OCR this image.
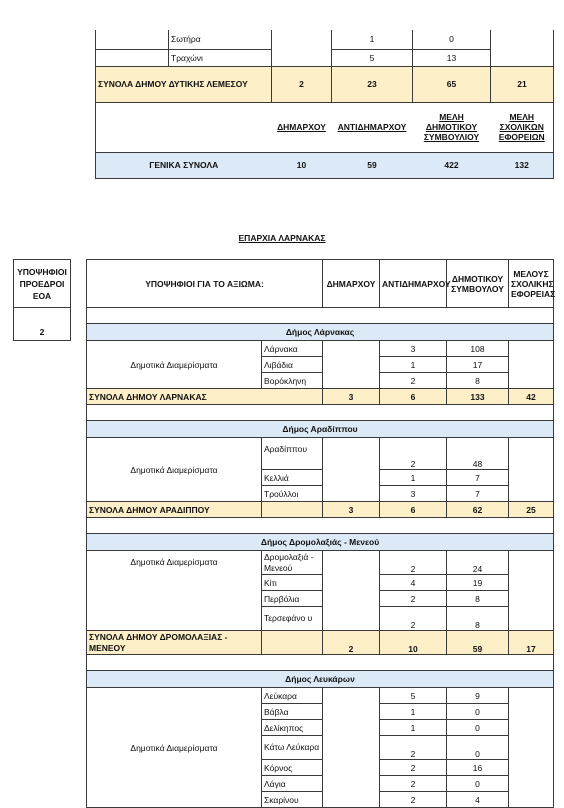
	Σωτήρα		1	0	
	Τραχώνι		5	13	
ΣΥΝΟΛΑ ΔΗΜΟΥ ΔΥΤΙΚΗΣ ΛΕΜΕΣΟΥ		2	23	65	21
		ΔΗΜΑΡΧΟΥ	ΑΝΤΙΔΗΜΑΡΧΟΥ	ΜΕΛΗ ΔΗΜΟΤΙΚΟΥ ΣΥΜΒΟΥΛΙΟΥ	ΜΕΛΗ ΣΧΟΛΙΚΩΝ ΕΦΟΡΕΙΩΝ
ΓΕΝΙΚΑ ΣΥΝΟΛΑ		10	59	422	132
ΕΠΑΡΧΙΑ ΛΑΡΝΑΚΑΣ
ΥΠΟΨΗΦΙΟΙ ΠΡΟΕΔΡΟΙ ΕΟΑ
2
ΥΠΟΨΗΦΙΟΙ ΓΙΑ ΤΟ ΑΞΙΩΜΑ:		ΔΗΜΑΡΧΟΥ	ΑΝΤΙΔΗΜΑΡΧΟΥ	ΔΗΜΟΤΙΚΟΥ ΣΥΜΒΟΥΛΟΥ	ΜΕΛΟΥΣ ΣΧΟΛΙΚΗΣ ΕΦΟΡΕΙΑΣ

Δήμος Λάρνακας					
Δημοτικά Διαμερίσματα	Λάρνακα		3	108	
	Λιβάδια		1	17	
	Βορόκληνη		2	8	
ΣΥΝΟΛΑ ΔΗΜΟΥ ΛΑΡΝΑΚΑΣ		3	6	133	42

Δήμος Αραδίππου					
Δημοτικά Διαμερίσματα	Αραδίππου		2	48	
	Κελλιά		1	7	
	Τρούλλοι		3	7	
ΣΥΝΟΛΑ ΔΗΜΟΥ ΑΡΑΔΙΠΠΟΥ		3	6	62	25

Δήμος Δρομολαξιάς - Μενεού					
Δημοτικά Διαμερίσματα	Δρομολαξιά - Μενεού		2	24	
	Κίτι		4	19	
	Περβόλια		2	8	
	Τερσεφάνο υ		2	8	
ΣΥΝΟΛΑ ΔΗΜΟΥ ΔΡΟΜΟΛΑΞΙΑΣ - ΜΕΝΕΟΥ		2	10	59	17

Δήμος Λευκάρων					
Δημοτικά Διαμερίσματα	Λεύκαρα		5	9	
	Βάβλα		1	0	
	Δελίκηπος		1	0	
	Κάτω Λεύκαρα		2	0	
	Κόρνος		2	16	
	Λάγια		2	0	
	Σκαρίνου		2	4	
